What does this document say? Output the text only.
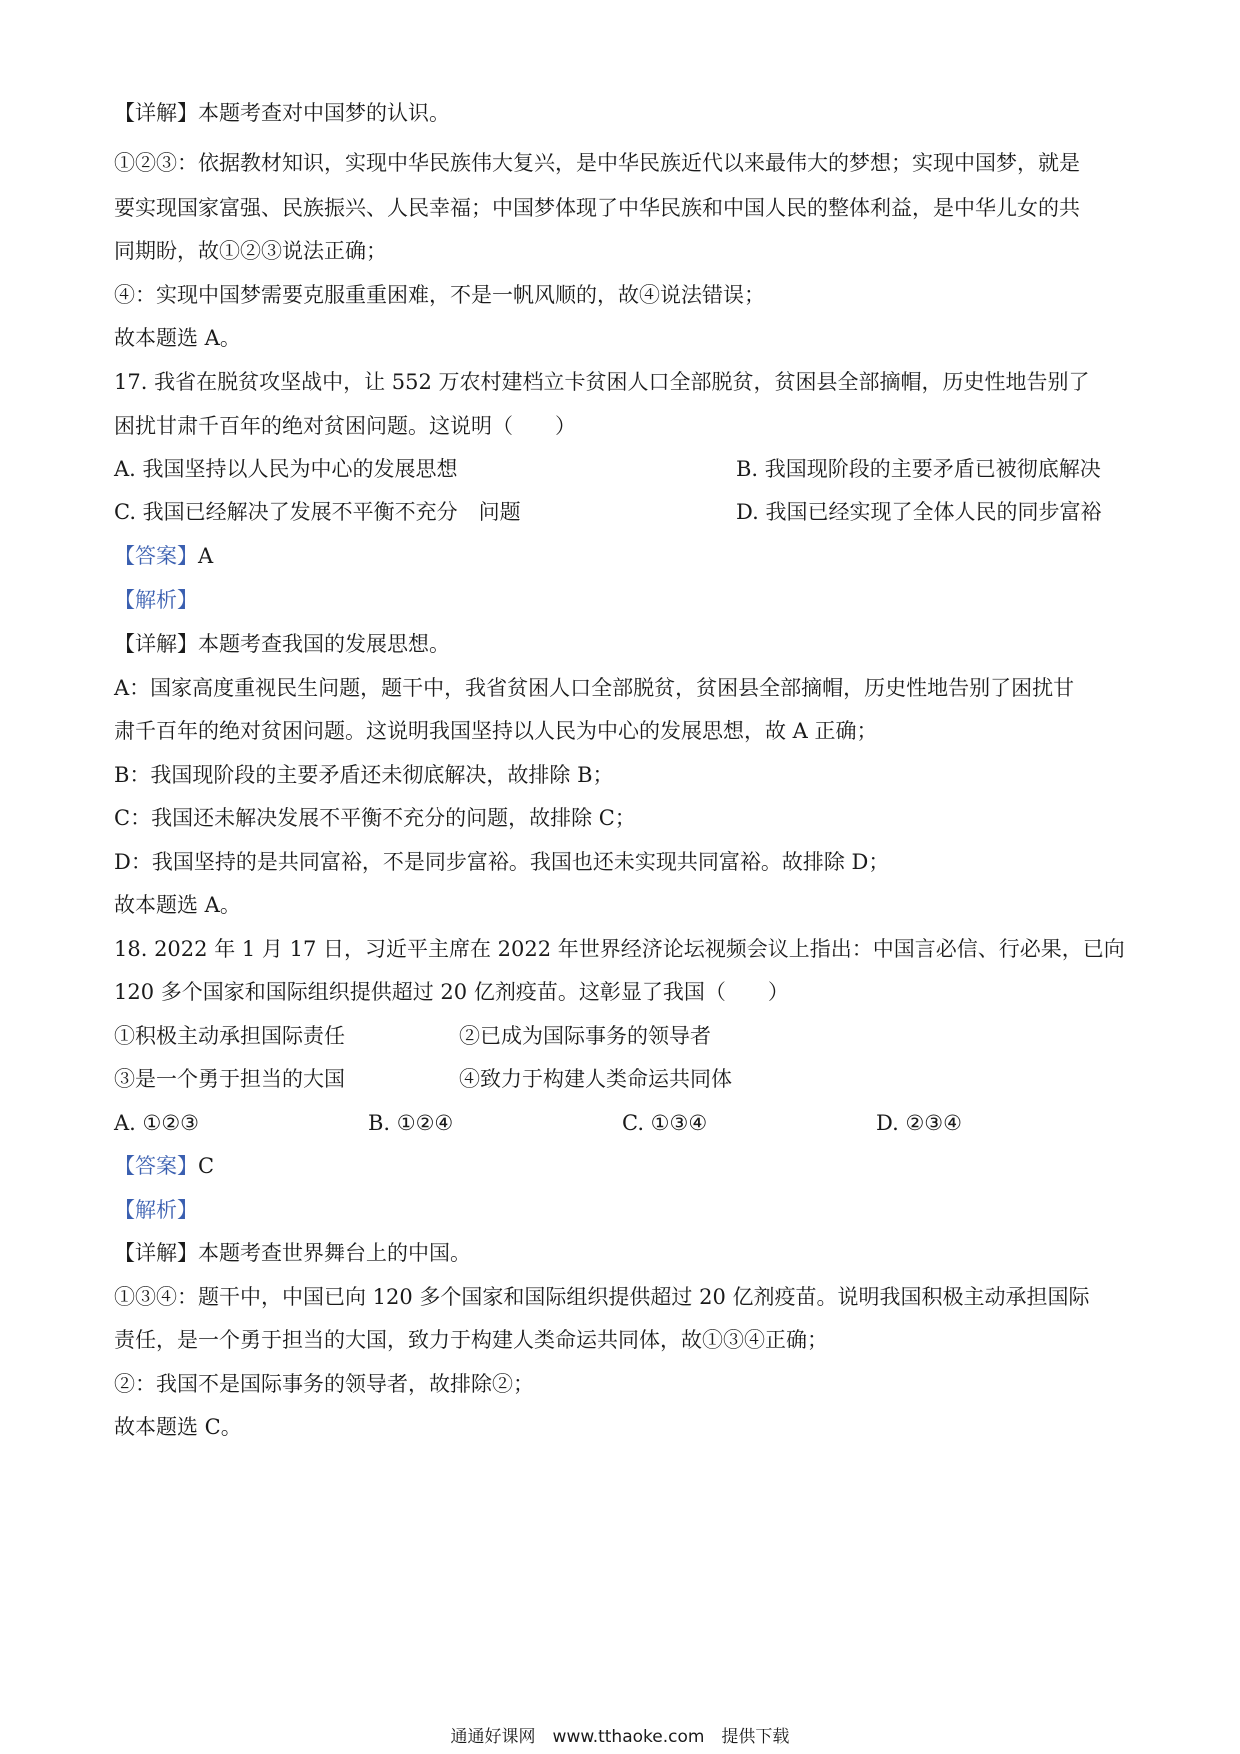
【详解】本题考查对中国梦的认识。
①②③：依据教材知识，实现中华民族伟大复兴，是中华民族近代以来最伟大的梦想；实现中国梦，就是
要实现国家富强、民族振兴、人民幸福；中国梦体现了中华民族和中国人民的整体利益，是中华儿女的共
同期盼，故①②③说法正确；
④：实现中国梦需要克服重重困难，不是一帆风顺的，故④说法错误；
故本题选 A。
17. 我省在脱贫攻坚战中，让 552 万农村建档立卡贫困人口全部脱贫，贫困县全部摘帽，历史性地告别了
困扰甘肃千百年的绝对贫困问题。这说明（　　）
A. 我国坚持以人民为中心的发展思想	B. 我国现阶段的主要矛盾已被彻底解决
C. 我国已经解决了发展不平衡不充分　问题	D. 我国已经实现了全体人民的同步富裕
【答案】A
【解析】
【详解】本题考查我国的发展思想。
A：国家高度重视民生问题，题干中，我省贫困人口全部脱贫，贫困县全部摘帽，历史性地告别了困扰甘
肃千百年的绝对贫困问题。这说明我国坚持以人民为中心的发展思想，故 A 正确；
B：我国现阶段的主要矛盾还未彻底解决，故排除 B；
C：我国还未解决发展不平衡不充分的问题，故排除 C；
D：我国坚持的是共同富裕，不是同步富裕。我国也还未实现共同富裕。故排除 D；
故本题选 A。
18. 2022 年 1 月 17 日，习近平主席在 2022 年世界经济论坛视频会议上指出：中国言必信、行必果，已向
120 多个国家和国际组织提供超过 20 亿剂疫苗。这彰显了我国（　　）
①积极主动承担国际责任	②已成为国际事务的领导者
③是一个勇于担当的大国	④致力于构建人类命运共同体
A. ①②③	B. ①②④	C. ①③④	D. ②③④
【答案】C
【解析】
【详解】本题考查世界舞台上的中国。
①③④：题干中，中国已向 120 多个国家和国际组织提供超过 20 亿剂疫苗。说明我国积极主动承担国际
责任，是一个勇于担当的大国，致力于构建人类命运共同体，故①③④正确；
②：我国不是国际事务的领导者，故排除②；
故本题选 C。
通通好课网　www.tthaoke.com　提供下载
